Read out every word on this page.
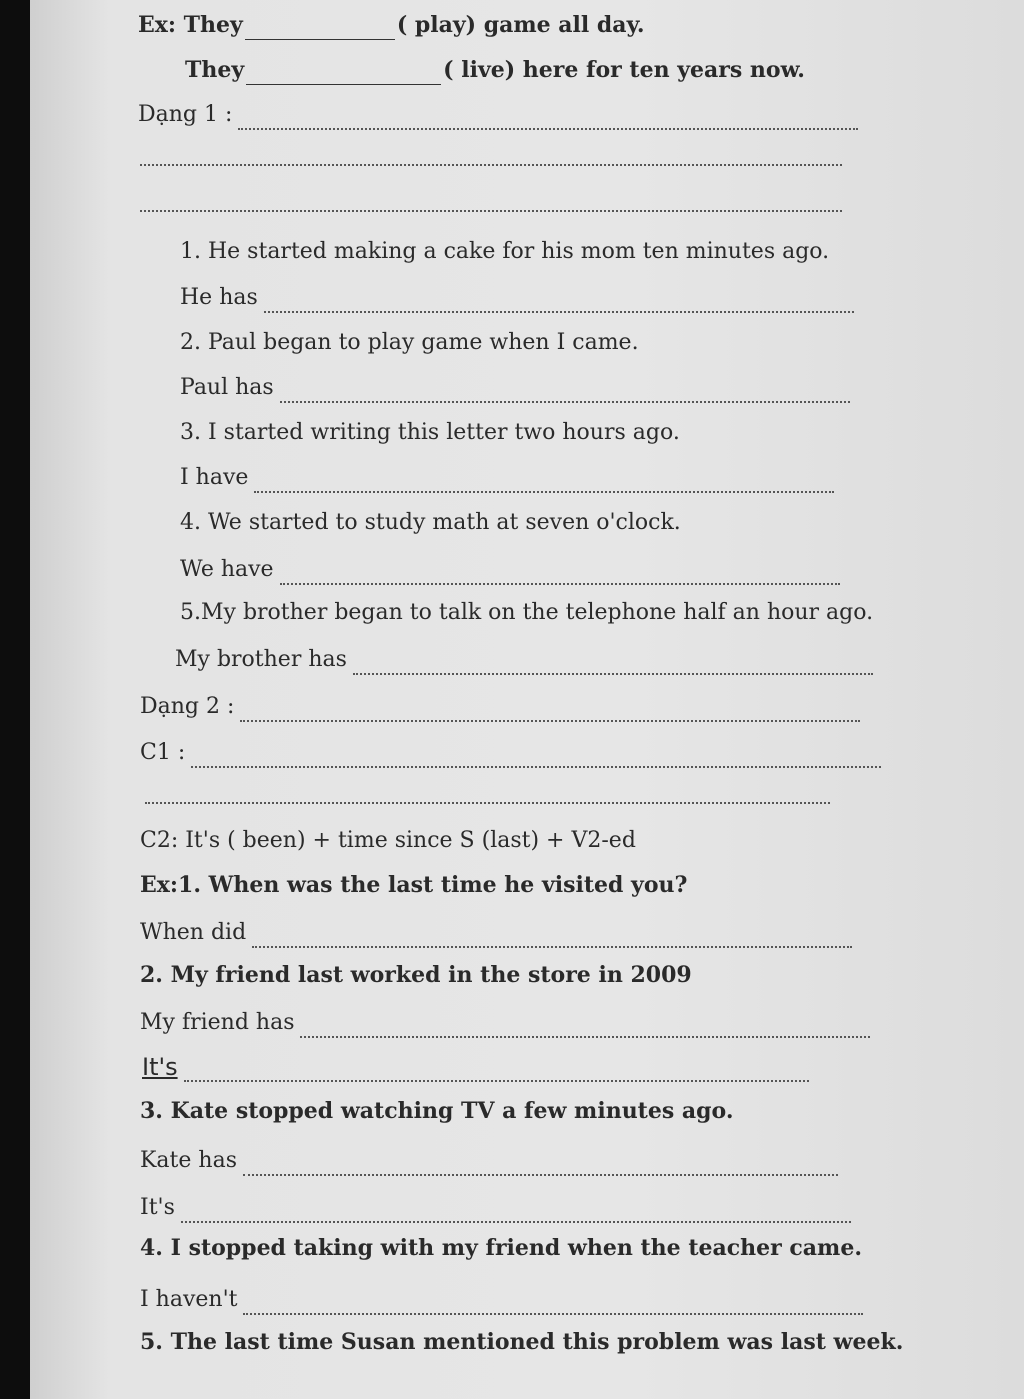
Ex: They	( play) game all day.
They	( live) here for ten years now.
Dạng 1 :
1. He started making a cake for his mom ten minutes ago.
He has
2. Paul began to play game when I came.
Paul has
3. I started writing this letter two hours ago.
I have
4. We started to study math at seven o'clock.
We have
5.My brother began to talk on the telephone half an hour ago.
My brother has
Dạng 2 :
C1 :
C2: It's ( been) + time since S (last) + V2-ed
Ex:1. When was the last time he visited you?
When did
2. My friend last worked in the store in 2009
My friend has
It's
3. Kate stopped watching TV a few minutes ago.
Kate has
It's
4. I stopped taking with my friend when the teacher came.
I haven't
5. The last time Susan mentioned this problem was last week.
